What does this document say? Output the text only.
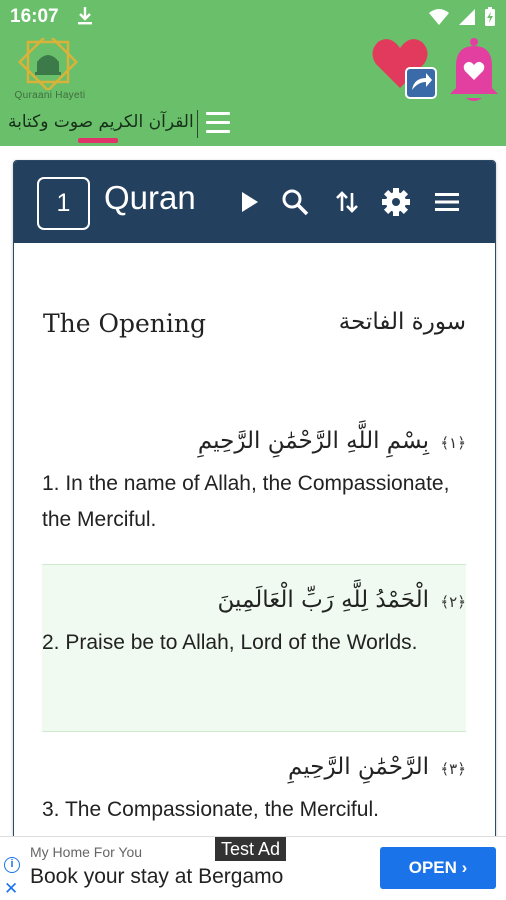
16:07
Quraani Hayeti
القرآن الكريم صوت وكتابة
1	Quran
The Opening	سورة الفاتحة
﴿١﴾ بِسْمِ اللَّهِ الرَّحْمَٰنِ الرَّحِيمِ
1. In the name of Allah, the Compassionate, the Merciful.
﴿٢﴾ الْحَمْدُ لِلَّهِ رَبِّ الْعَالَمِينَ
2. Praise be to Allah, Lord of the Worlds.
﴿٣﴾ الرَّحْمَٰنِ الرَّحِيمِ
3. The Compassionate, the Merciful.
i
✕
My Home For You
Book your stay at Bergamo
Test Ad
OPEN ›
